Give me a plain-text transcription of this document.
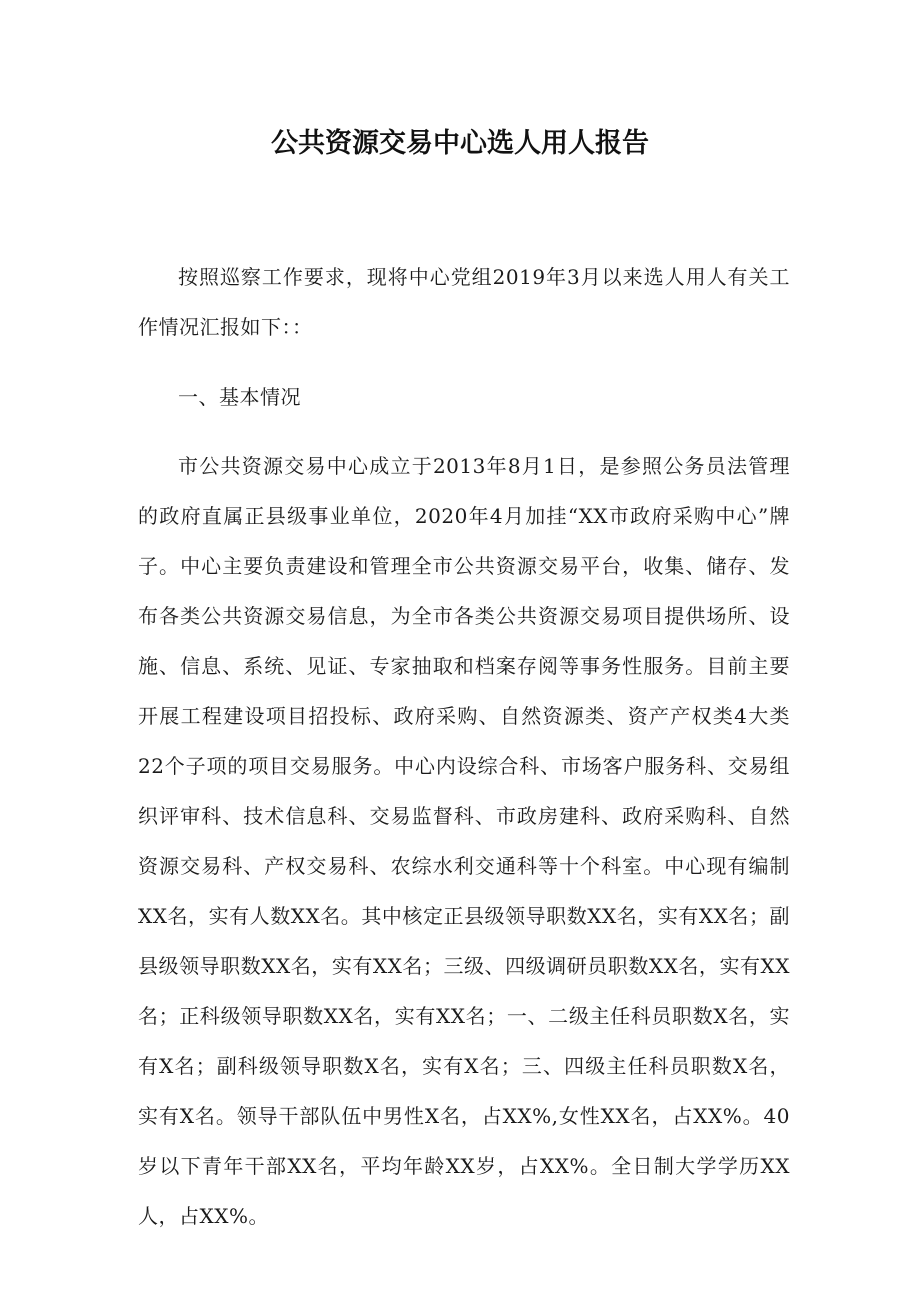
公共资源交易中心选人用人报告

按照巡察工作要求，现将中心党组2019年3月以来选人用人有关工作情况汇报如下：：

一、基本情况

市公共资源交易中心成立于2013年8月1日，是参照公务员法管理的政府直属正县级事业单位，2020年4月加挂“XX市政府采购中心”牌子。中心主要负责建设和管理全市公共资源交易平台，收集、储存、发布各类公共资源交易信息，为全市各类公共资源交易项目提供场所、设施、信息、系统、见证、专家抽取和档案存阅等事务性服务。目前主要开展工程建设项目招投标、政府采购、自然资源类、资产产权类4大类22个子项的项目交易服务。中心内设综合科、市场客户服务科、交易组织评审科、技术信息科、交易监督科、市政房建科、政府采购科、自然资源交易科、产权交易科、农综水利交通科等十个科室。中心现有编制XX名，实有人数XX名。其中核定正县级领导职数XX名，实有XX名；副县级领导职数XX名，实有XX名；三级、四级调研员职数XX名，实有XX名；正科级领导职数XX名，实有XX名；一、二级主任科员职数X名，实有X名；副科级领导职数X名，实有X名；三、四级主任科员职数X名，实有X名。领导干部队伍中男性X名，占XX%,女性XX名，占XX%。40岁以下青年干部XX名，平均年龄XX岁，占XX%。全日制大学学历XX人，占XX%。
